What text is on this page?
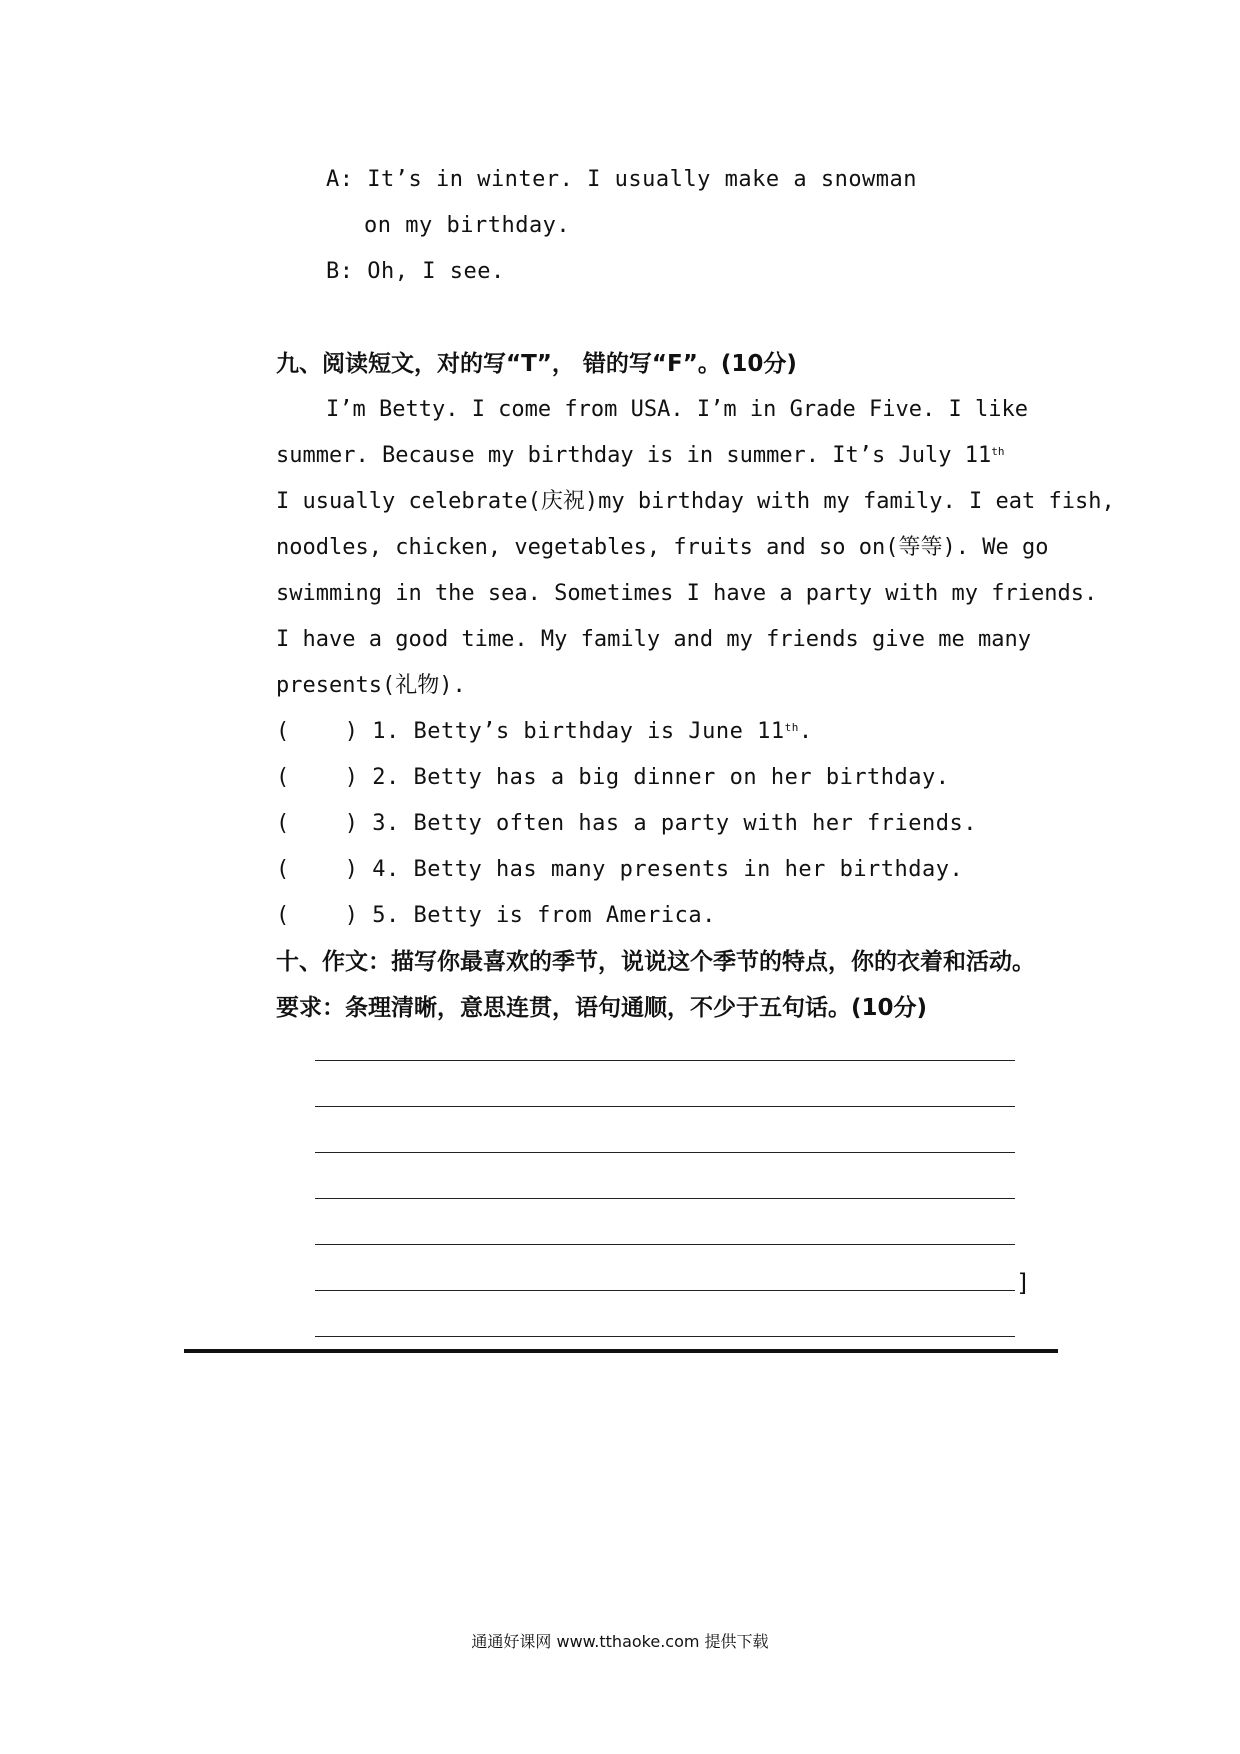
A: It’s in winter. I usually make a snowman
on my birthday.
B: Oh, I see.
九、阅读短文，对的写“T”， 错的写“F”。(10分)
I’m Betty. I come from USA. I’m in Grade Five. I like
summer. Because my birthday is in summer. It’s July 11th
I usually celebrate(庆祝)my birthday with my family. I eat fish,
noodles, chicken, vegetables, fruits and so on(等等). We go
swimming in the sea. Sometimes I have a party with my friends.
I have a good time. My family and my friends give me many
presents(礼物).
(    ) 1. Betty’s birthday is June 11th.
(    ) 2. Betty has a big dinner on her birthday.
(    ) 3. Betty often has a party with her friends.
(    ) 4. Betty has many presents in her birthday.
(    ) 5. Betty is from America.
十、作文：描写你最喜欢的季节，说说这个季节的特点，你的衣着和活动。
要求：条理清晰，意思连贯，语句通顺，不少于五句话。(10分)
]
通通好课网 www.tthaoke.com 提供下载
